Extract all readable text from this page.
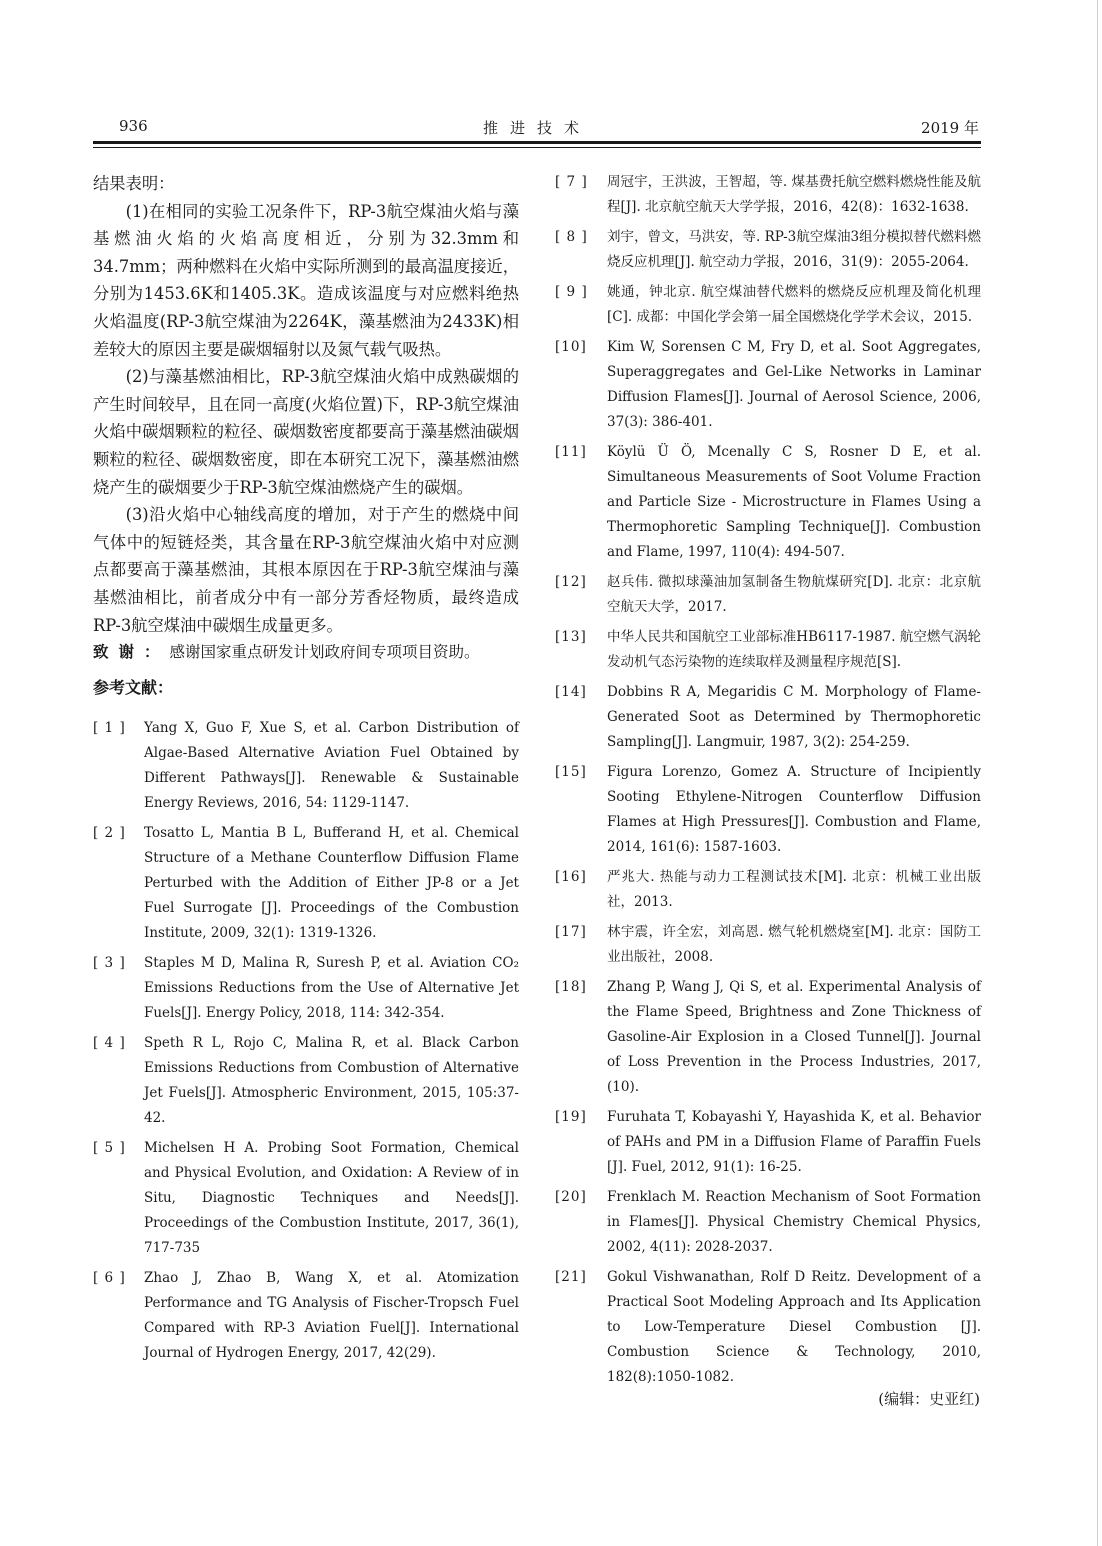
936	推进技术	2019 年

结果表明：

(1)在相同的实验工况条件下，RP-3航空煤油火焰与藻基燃油火焰的火焰高度相近，分别为32.3mm和34.7mm；两种燃料在火焰中实际所测到的最高温度接近，分别为1453.6K和1405.3K。造成该温度与对应燃料绝热火焰温度(RP-3航空煤油为2264K，藻基燃油为2433K)相差较大的原因主要是碳烟辐射以及氮气载气吸热。

(2)与藻基燃油相比，RP-3航空煤油火焰中成熟碳烟的产生时间较早，且在同一高度(火焰位置)下，RP-3航空煤油火焰中碳烟颗粒的粒径、碳烟数密度都要高于藻基燃油碳烟颗粒的粒径、碳烟数密度，即在本研究工况下，藻基燃油燃烧产生的碳烟要少于RP-3航空煤油燃烧产生的碳烟。

(3)沿火焰中心轴线高度的增加，对于产生的燃烧中间气体中的短链烃类，其含量在RP-3航空煤油火焰中对应测点都要高于藻基燃油，其根本原因在于RP-3航空煤油与藻基燃油相比，前者成分中有一部分芳香烃物质，最终造成RP-3航空煤油中碳烟生成量更多。

致谢：感谢国家重点研发计划政府间专项项目资助。

参考文献：
[ 1 ]	Yang X, Guo F, Xue S, et al. Carbon Distribution of Algae-Based Alternative Aviation Fuel Obtained by Different Pathways[J]. Renewable & Sustainable Energy Reviews, 2016, 54: 1129-1147.
[ 2 ]	Tosatto L, Mantia B L, Bufferand H, et al. Chemical Structure of a Methane Counterflow Diffusion Flame Perturbed with the Addition of Either JP-8 or a Jet Fuel Surrogate [J]. Proceedings of the Combustion Institute, 2009, 32(1): 1319-1326.
[ 3 ]	Staples M D, Malina R, Suresh P, et al. Aviation CO₂ Emissions Reductions from the Use of Alternative Jet Fuels[J]. Energy Policy, 2018, 114: 342-354.
[ 4 ]	Speth R L, Rojo C, Malina R, et al. Black Carbon Emissions Reductions from Combustion of Alternative Jet Fuels[J]. Atmospheric Environment, 2015, 105:37-42.
[ 5 ]	Michelsen H A. Probing Soot Formation, Chemical and Physical Evolution, and Oxidation: A Review of in Situ, Diagnostic Techniques and Needs[J]. Proceedings of the Combustion Institute, 2017, 36(1), 717-735
[ 6 ]	Zhao J, Zhao B, Wang X, et al. Atomization Performance and TG Analysis of Fischer-Tropsch Fuel Compared with RP-3 Aviation Fuel[J]. International Journal of Hydrogen Energy, 2017, 42(29).
[ 7 ]	周冠宇，王洪波，王智超，等. 煤基费托航空燃料燃烧性能及航程[J]. 北京航空航天大学学报，2016，42(8)：1632-1638.
[ 8 ]	刘宇，曾文，马洪安，等. RP-3航空煤油3组分模拟替代燃料燃烧反应机理[J]. 航空动力学报，2016，31(9)：2055-2064.
[ 9 ]	姚通，钟北京. 航空煤油替代燃料的燃烧反应机理及简化机理[C]. 成都：中国化学会第一届全国燃烧化学学术会议，2015.
[10]	Kim W, Sorensen C M, Fry D, et al. Soot Aggregates, Superaggregates and Gel-Like Networks in Laminar Diffusion Flames[J]. Journal of Aerosol Science, 2006, 37(3): 386-401.
[11]	Köylü Ü Ö, Mcenally C S, Rosner D E, et al. Simultaneous Measurements of Soot Volume Fraction and Particle Size - Microstructure in Flames Using a Thermophoretic Sampling Technique[J]. Combustion and Flame, 1997, 110(4): 494-507.
[12]	赵兵伟. 微拟球藻油加氢制备生物航煤研究[D]. 北京：北京航空航天大学，2017.
[13]	中华人民共和国航空工业部标准HB6117-1987. 航空燃气涡轮发动机气态污染物的连续取样及测量程序规范[S].
[14]	Dobbins R A, Megaridis C M. Morphology of Flame-Generated Soot as Determined by Thermophoretic Sampling[J]. Langmuir, 1987, 3(2): 254-259.
[15]	Figura Lorenzo, Gomez A. Structure of Incipiently Sooting Ethylene-Nitrogen Counterflow Diffusion Flames at High Pressures[J]. Combustion and Flame, 2014, 161(6): 1587-1603.
[16]	严兆大. 热能与动力工程测试技术[M]. 北京：机械工业出版社，2013.
[17]	林宇震，许全宏，刘高恩. 燃气轮机燃烧室[M]. 北京：国防工业出版社，2008.
[18]	Zhang P, Wang J, Qi S, et al. Experimental Analysis of the Flame Speed, Brightness and Zone Thickness of Gasoline-Air Explosion in a Closed Tunnel[J]. Journal of Loss Prevention in the Process Industries, 2017, (10).
[19]	Furuhata T, Kobayashi Y, Hayashida K, et al. Behavior of PAHs and PM in a Diffusion Flame of Paraffin Fuels [J]. Fuel, 2012, 91(1): 16-25.
[20]	Frenklach M. Reaction Mechanism of Soot Formation in Flames[J]. Physical Chemistry Chemical Physics, 2002, 4(11): 2028-2037.
[21]	Gokul Vishwanathan, Rolf D Reitz. Development of a Practical Soot Modeling Approach and Its Application to Low-Temperature Diesel Combustion [J]. Combustion Science & Technology, 2010, 182(8):1050-1082.
(编辑：史亚红)
